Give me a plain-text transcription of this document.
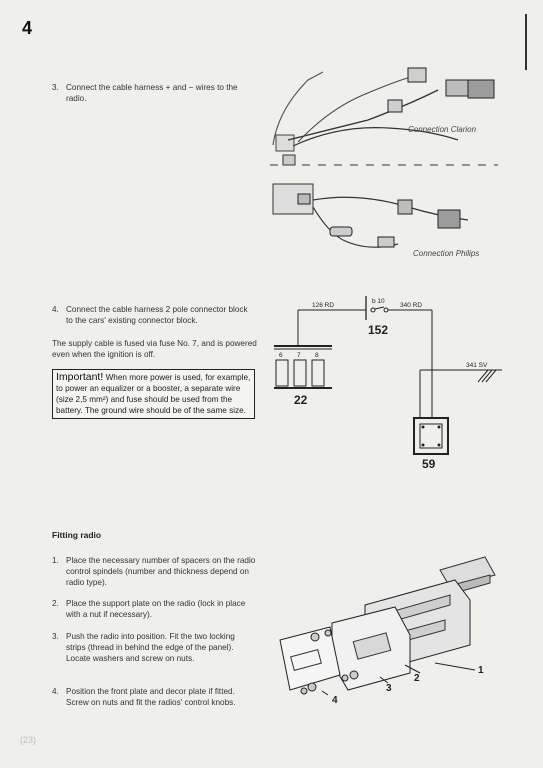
4
3. Connect the cable harness + and − wires to the radio.
Connection Clarion
Connection Philips
4. Connect the cable harness 2 pole connector block to the cars' existing connector block.
The supply cable is fused via fuse No. 7, and is powered even when the ignition is off.
Important! When more power is used, for example, to power an equalizer or a booster, a separate wire (size 2,5 mm²) and fuse should be used from the battery. The ground wire should be of the same size.
126 RD
b 10
340 RD
152
341 SV
6 7 8
22
59
Fitting radio
1. Place the necessary number of spacers on the radio control spindels (number and thickness depend on radio type).
2. Place the support plate on the radio (lock in place with a nut if necessary).
3. Push the radio into position. Fit the two locking strips (thread in behind the edge of the panel). Locate washers and screw on nuts.
4. Position the front plate and decor plate if fitted. Screw on nuts and fit the radios' control knobs.
1
2
3
4
(23)
